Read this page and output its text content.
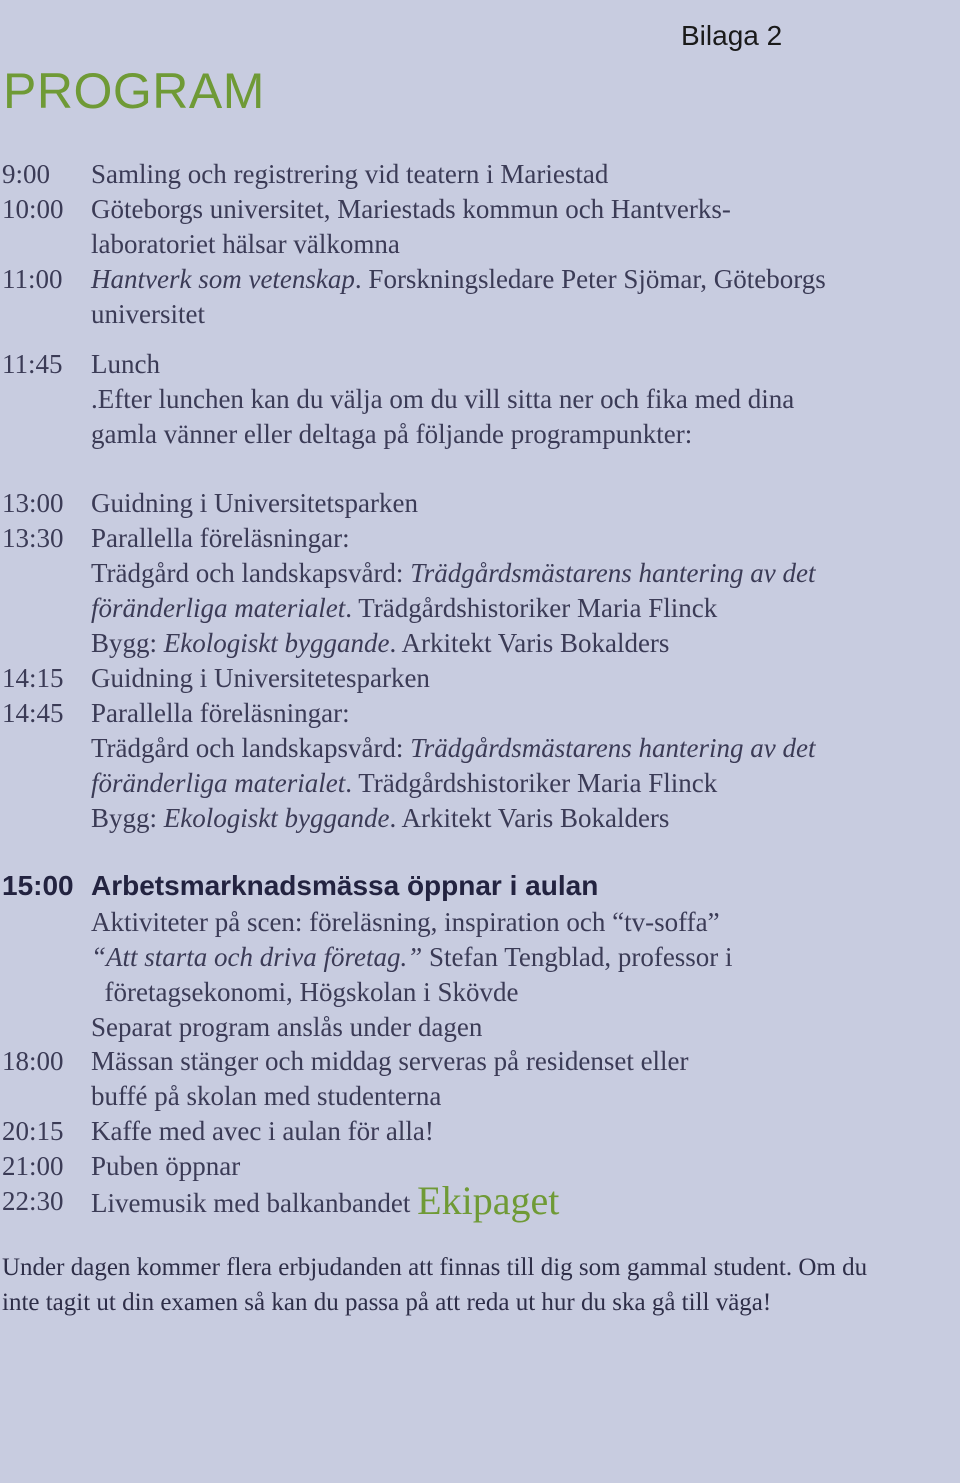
Bilaga 2
PROGRAM
9:00 Samling och registrering vid teatern i Mariestad
10:00 Göteborgs universitet, Mariestads kommun och Hantverks-
laboratoriet hälsar välkomna
11:00 Hantverk som vetenskap. Forskningsledare Peter Sjömar, Göteborgs
universitet
11:45 Lunch
.Efter lunchen kan du välja om du vill sitta ner och fika med dina
gamla vänner eller deltaga på följande programpunkter:
13:00 Guidning i Universitetsparken
13:30 Parallella föreläsningar:
Trädgård och landskapsvård: Trädgårdsmästarens hantering av det
föränderliga materialet. Trädgårdshistoriker Maria Flinck
Bygg: Ekologiskt byggande. Arkitekt Varis Bokalders
14:15 Guidning i Universitetesparken
14:45 Parallella föreläsningar:
Trädgård och landskapsvård: Trädgårdsmästarens hantering av det
föränderliga materialet. Trädgårdshistoriker Maria Flinck
Bygg: Ekologiskt byggande. Arkitekt Varis Bokalders
15:00 Arbetsmarknadsmässa öppnar i aulan
Aktiviteter på scen: föreläsning, inspiration och “tv-soffa”
“Att starta och driva företag.” Stefan Tengblad, professor i
företagsekonomi, Högskolan i Skövde
Separat program anslås under dagen
18:00 Mässan stänger och middag serveras på residenset eller
buffé på skolan med studenterna
20:15 Kaffe med avec i aulan för alla!
21:00 Puben öppnar
22:30 Livemusik med balkanbandet Ekipaget
Under dagen kommer flera erbjudanden att finnas till dig som gammal student. Om du inte tagit ut din examen så kan du passa på att reda ut hur du ska gå till väga!
